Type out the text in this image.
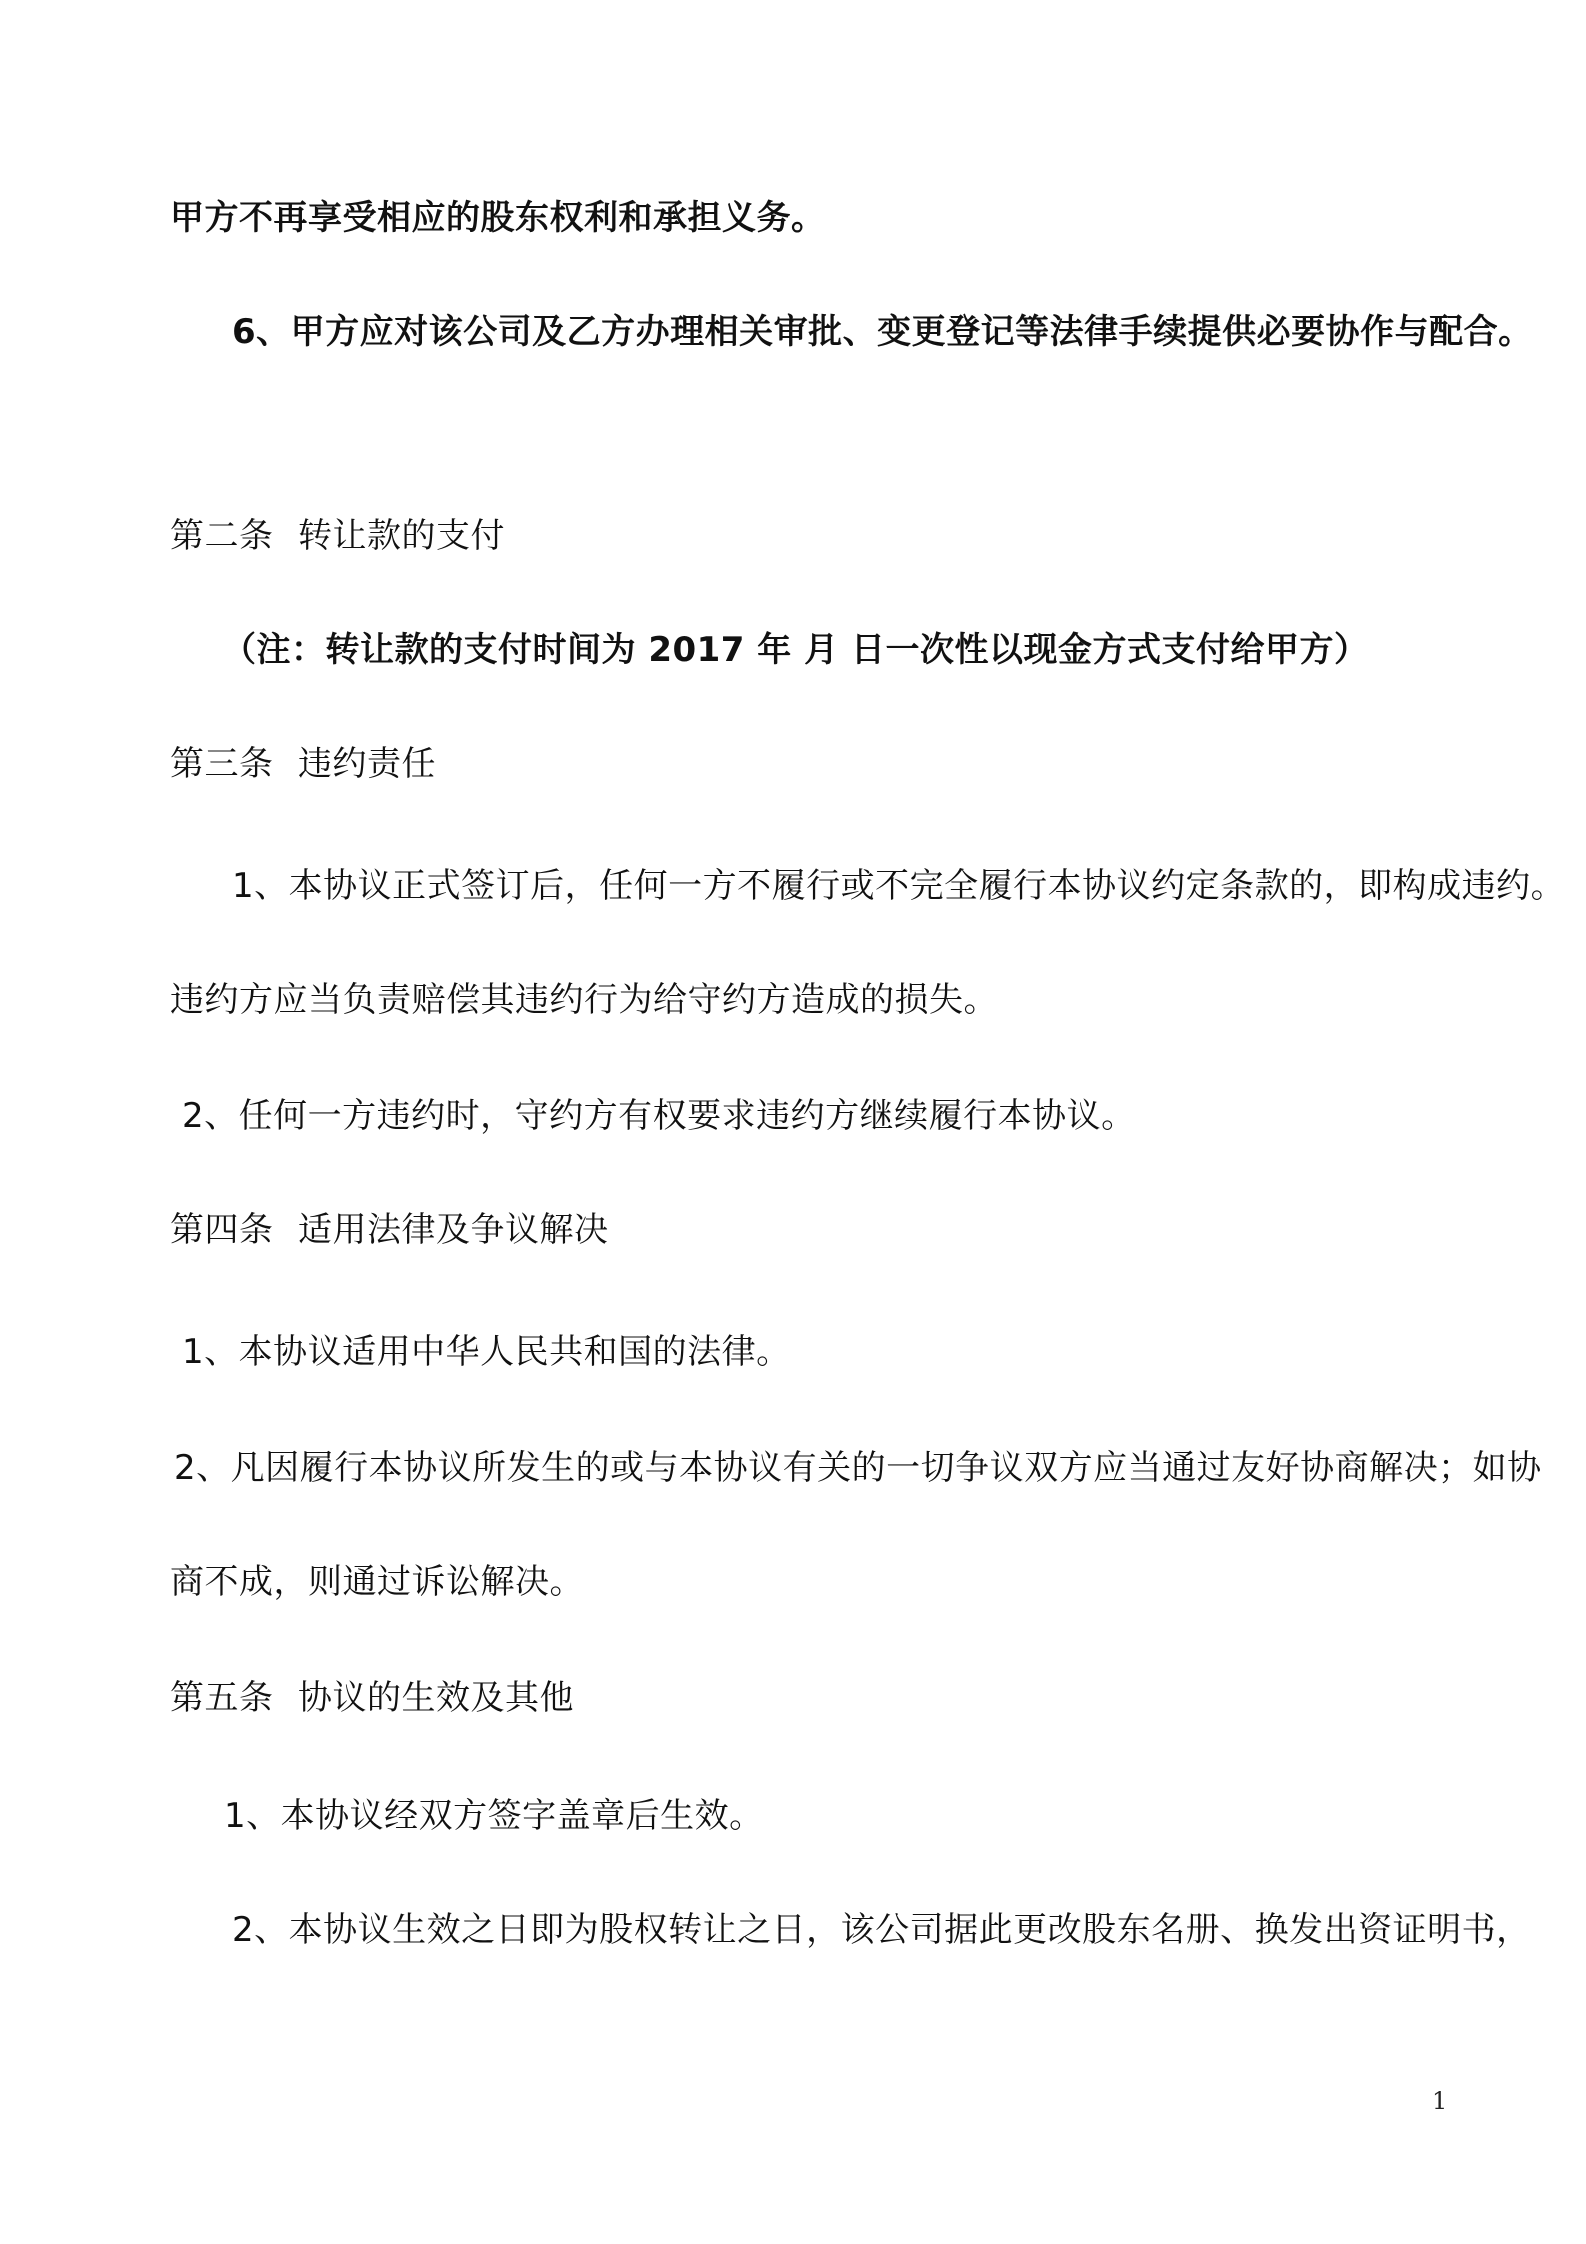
甲方不再享受相应的股东权利和承担义务。
6、甲方应对该公司及乙方办理相关审批、变更登记等法律手续提供必要协作与配合。
第二条 转让款的支付
（注：转让款的支付时间为 2017 年 月 日一次性以现金方式支付给甲方）
第三条 违约责任
1、本协议正式签订后，任何一方不履行或不完全履行本协议约定条款的，即构成违约。
违约方应当负责赔偿其违约行为给守约方造成的损失。
2、任何一方违约时，守约方有权要求违约方继续履行本协议。
第四条 适用法律及争议解决
1、本协议适用中华人民共和国的法律。
2、凡因履行本协议所发生的或与本协议有关的一切争议双方应当通过友好协商解决；如协
商不成，则通过诉讼解决。
第五条 协议的生效及其他
1、本协议经双方签字盖章后生效。
2、本协议生效之日即为股权转让之日，该公司据此更改股东名册、换发出资证明书，
1
